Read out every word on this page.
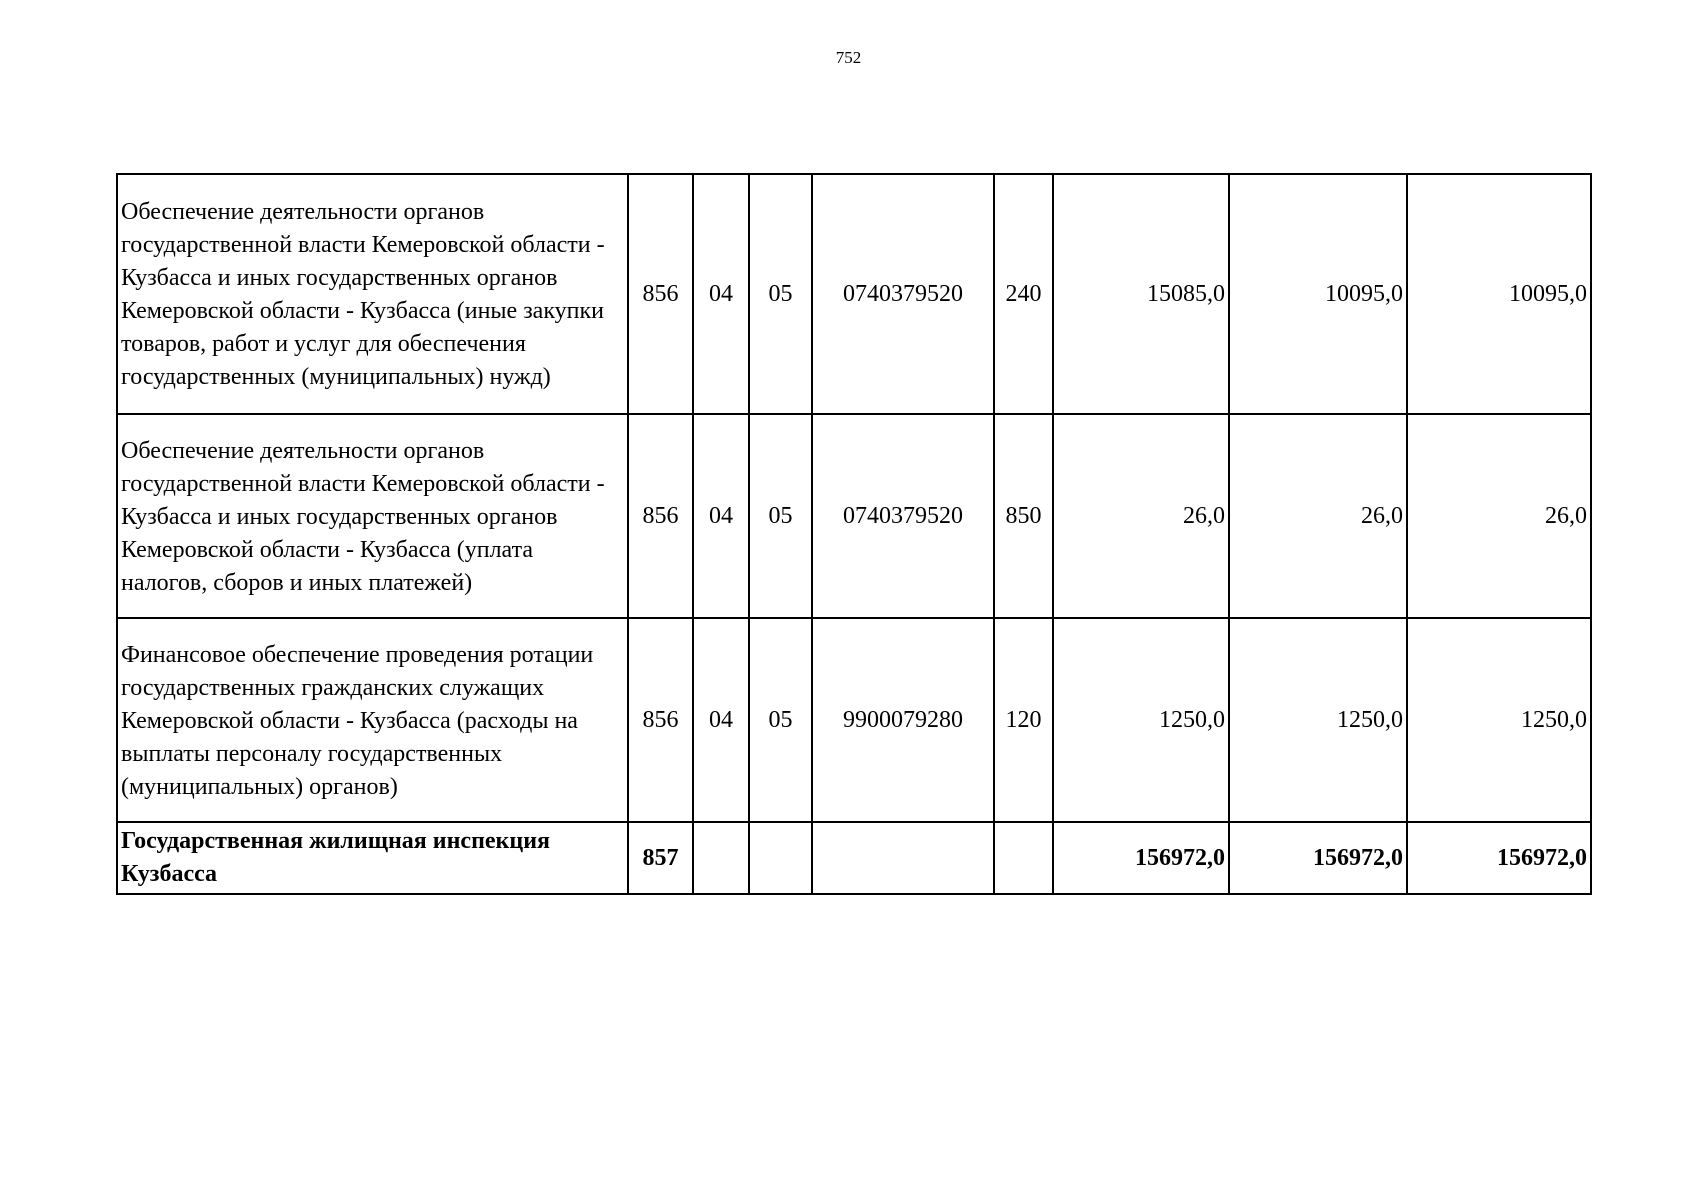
752
Обеспечение деятельности органов государственной власти Кемеровской области - Кузбасса и иных государственных органов Кемеровской области - Кузбасса (иные закупки товаров, работ и услуг для обеспечения государственных (муниципальных) нужд)	856	04	05	0740379520	240	15085,0	10095,0	10095,0
Обеспечение деятельности органов государственной власти Кемеровской области - Кузбасса и иных государственных органов Кемеровской области - Кузбасса (уплата налогов, сборов и иных платежей)	856	04	05	0740379520	850	26,0	26,0	26,0
Финансовое обеспечение проведения ротации государственных гражданских служащих Кемеровской области - Кузбасса (расходы на выплаты персоналу государственных (муниципальных) органов)	856	04	05	9900079280	120	1250,0	1250,0	1250,0
Государственная жилищная инспекция Кузбасса	857					156972,0	156972,0	156972,0
